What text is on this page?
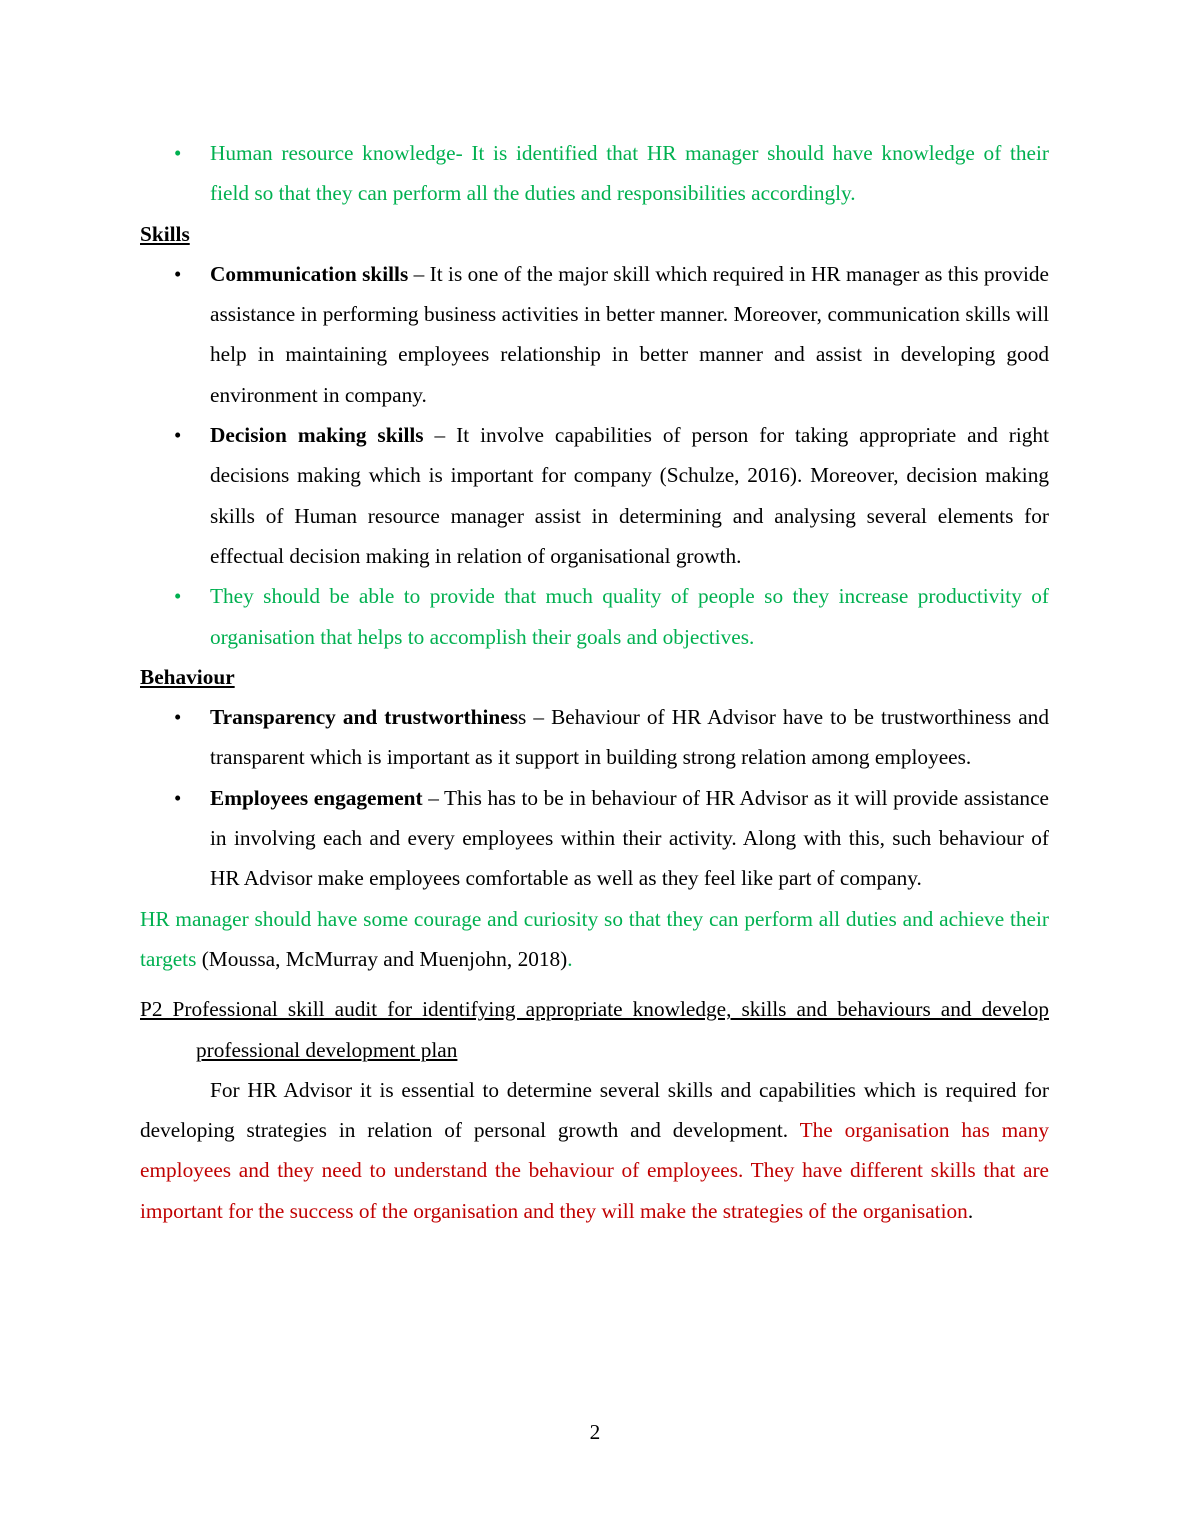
• Human resource knowledge- It is identified that HR manager should have knowledge of their field so that they can perform all the duties and responsibilities accordingly.

Skills

• Communication skills – It is one of the major skill which required in HR manager as this provide assistance in performing business activities in better manner. Moreover, communication skills will help in maintaining employees relationship in better manner and assist in developing good environment in company.

• Decision making skills – It involve capabilities of person for taking appropriate and right decisions making which is important for company (Schulze, 2016). Moreover, decision making skills of Human resource manager assist in determining and analysing several elements for effectual decision making in relation of organisational growth.

• They should be able to provide that much quality of people so they increase productivity of organisation that helps to accomplish their goals and objectives.

Behaviour

• Transparency and trustworthiness – Behaviour of HR Advisor have to be trustworthiness and transparent which is important as it support in building strong relation among employees.

• Employees engagement – This has to be in behaviour of HR Advisor as it will provide assistance in involving each and every employees within their activity. Along with this, such behaviour of HR Advisor make employees comfortable as well as they feel like part of company.

HR manager should have some courage and curiosity so that they can perform all duties and achieve their targets (Moussa, McMurray and Muenjohn, 2018).

P2 Professional skill audit for identifying appropriate knowledge, skills and behaviours and develop professional development plan

For HR Advisor it is essential to determine several skills and capabilities which is required for developing strategies in relation of personal growth and development. The organisation has many employees and they need to understand the behaviour of employees. They have different skills that are important for the success of the organisation and they will make the strategies of the organisation.

2
